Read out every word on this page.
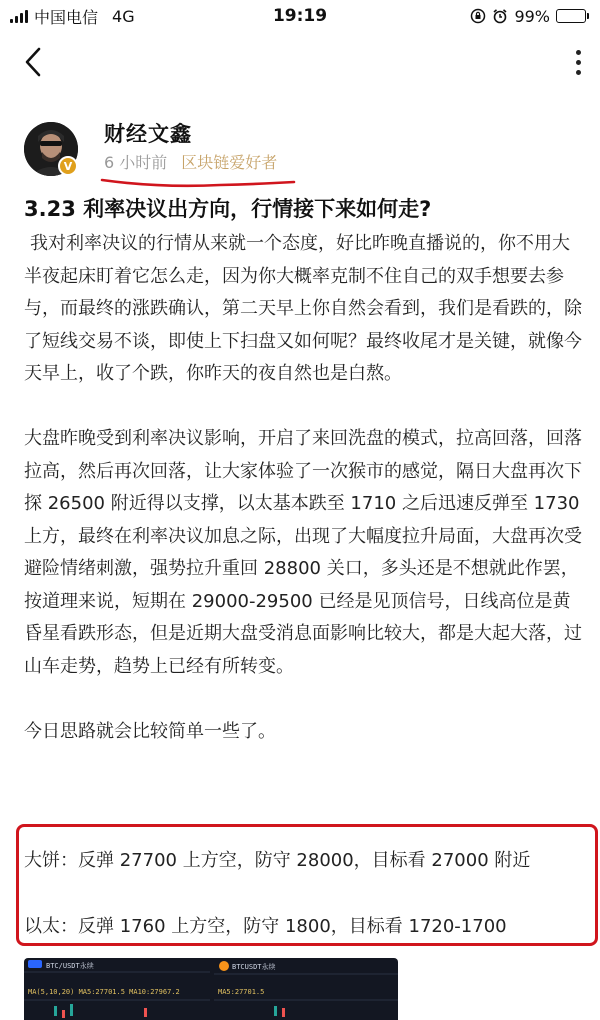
中国电信 4G	19:19	99%
V
财经文鑫
6 小时前 区块链爱好者
3.23 利率决议出方向，行情接下来如何走?

我对利率决议的行情从来就一个态度，好比昨晚直播说的，你不用大半夜起床盯着它怎么走，因为你大概率克制不住自己的双手想要去参与，而最终的涨跌确认，第二天早上你自然会看到，我们是看跌的，除了短线交易不谈，即使上下扫盘又如何呢？最终收尾才是关键，就像今天早上，收了个跌，你昨天的夜自然也是白熬。

大盘昨晚受到利率决议影响，开启了来回洗盘的模式，拉高回落，回落拉高，然后再次回落，让大家体验了一次猴市的感觉，隔日大盘再次下探 26500 附近得以支撑，以太基本跌至 1710 之后迅速反弹至 1730 上方，最终在利率决议加息之际，出现了大幅度拉升局面，大盘再次受避险情绪刺激，强势拉升重回 28800 关口，多头还是不想就此作罢，按道理来说，短期在 29000-29500 已经是见顶信号，日线高位是黄昏星看跌形态，但是近期大盘受消息面影响比较大，都是大起大落，过山车走势，趋势上已经有所转变。

今日思路就会比较简单一些了。

大饼：反弹 27700 上方空，防守 28000，目标看 27000 附近
以太：反弹 1760 上方空，防守 1800，目标看 1720-1700
BTC/USDT永续
MA(5,10,20) MA5:27701.5 MA10:27967.2
BTCUSDT永续
MA5:27701.5
